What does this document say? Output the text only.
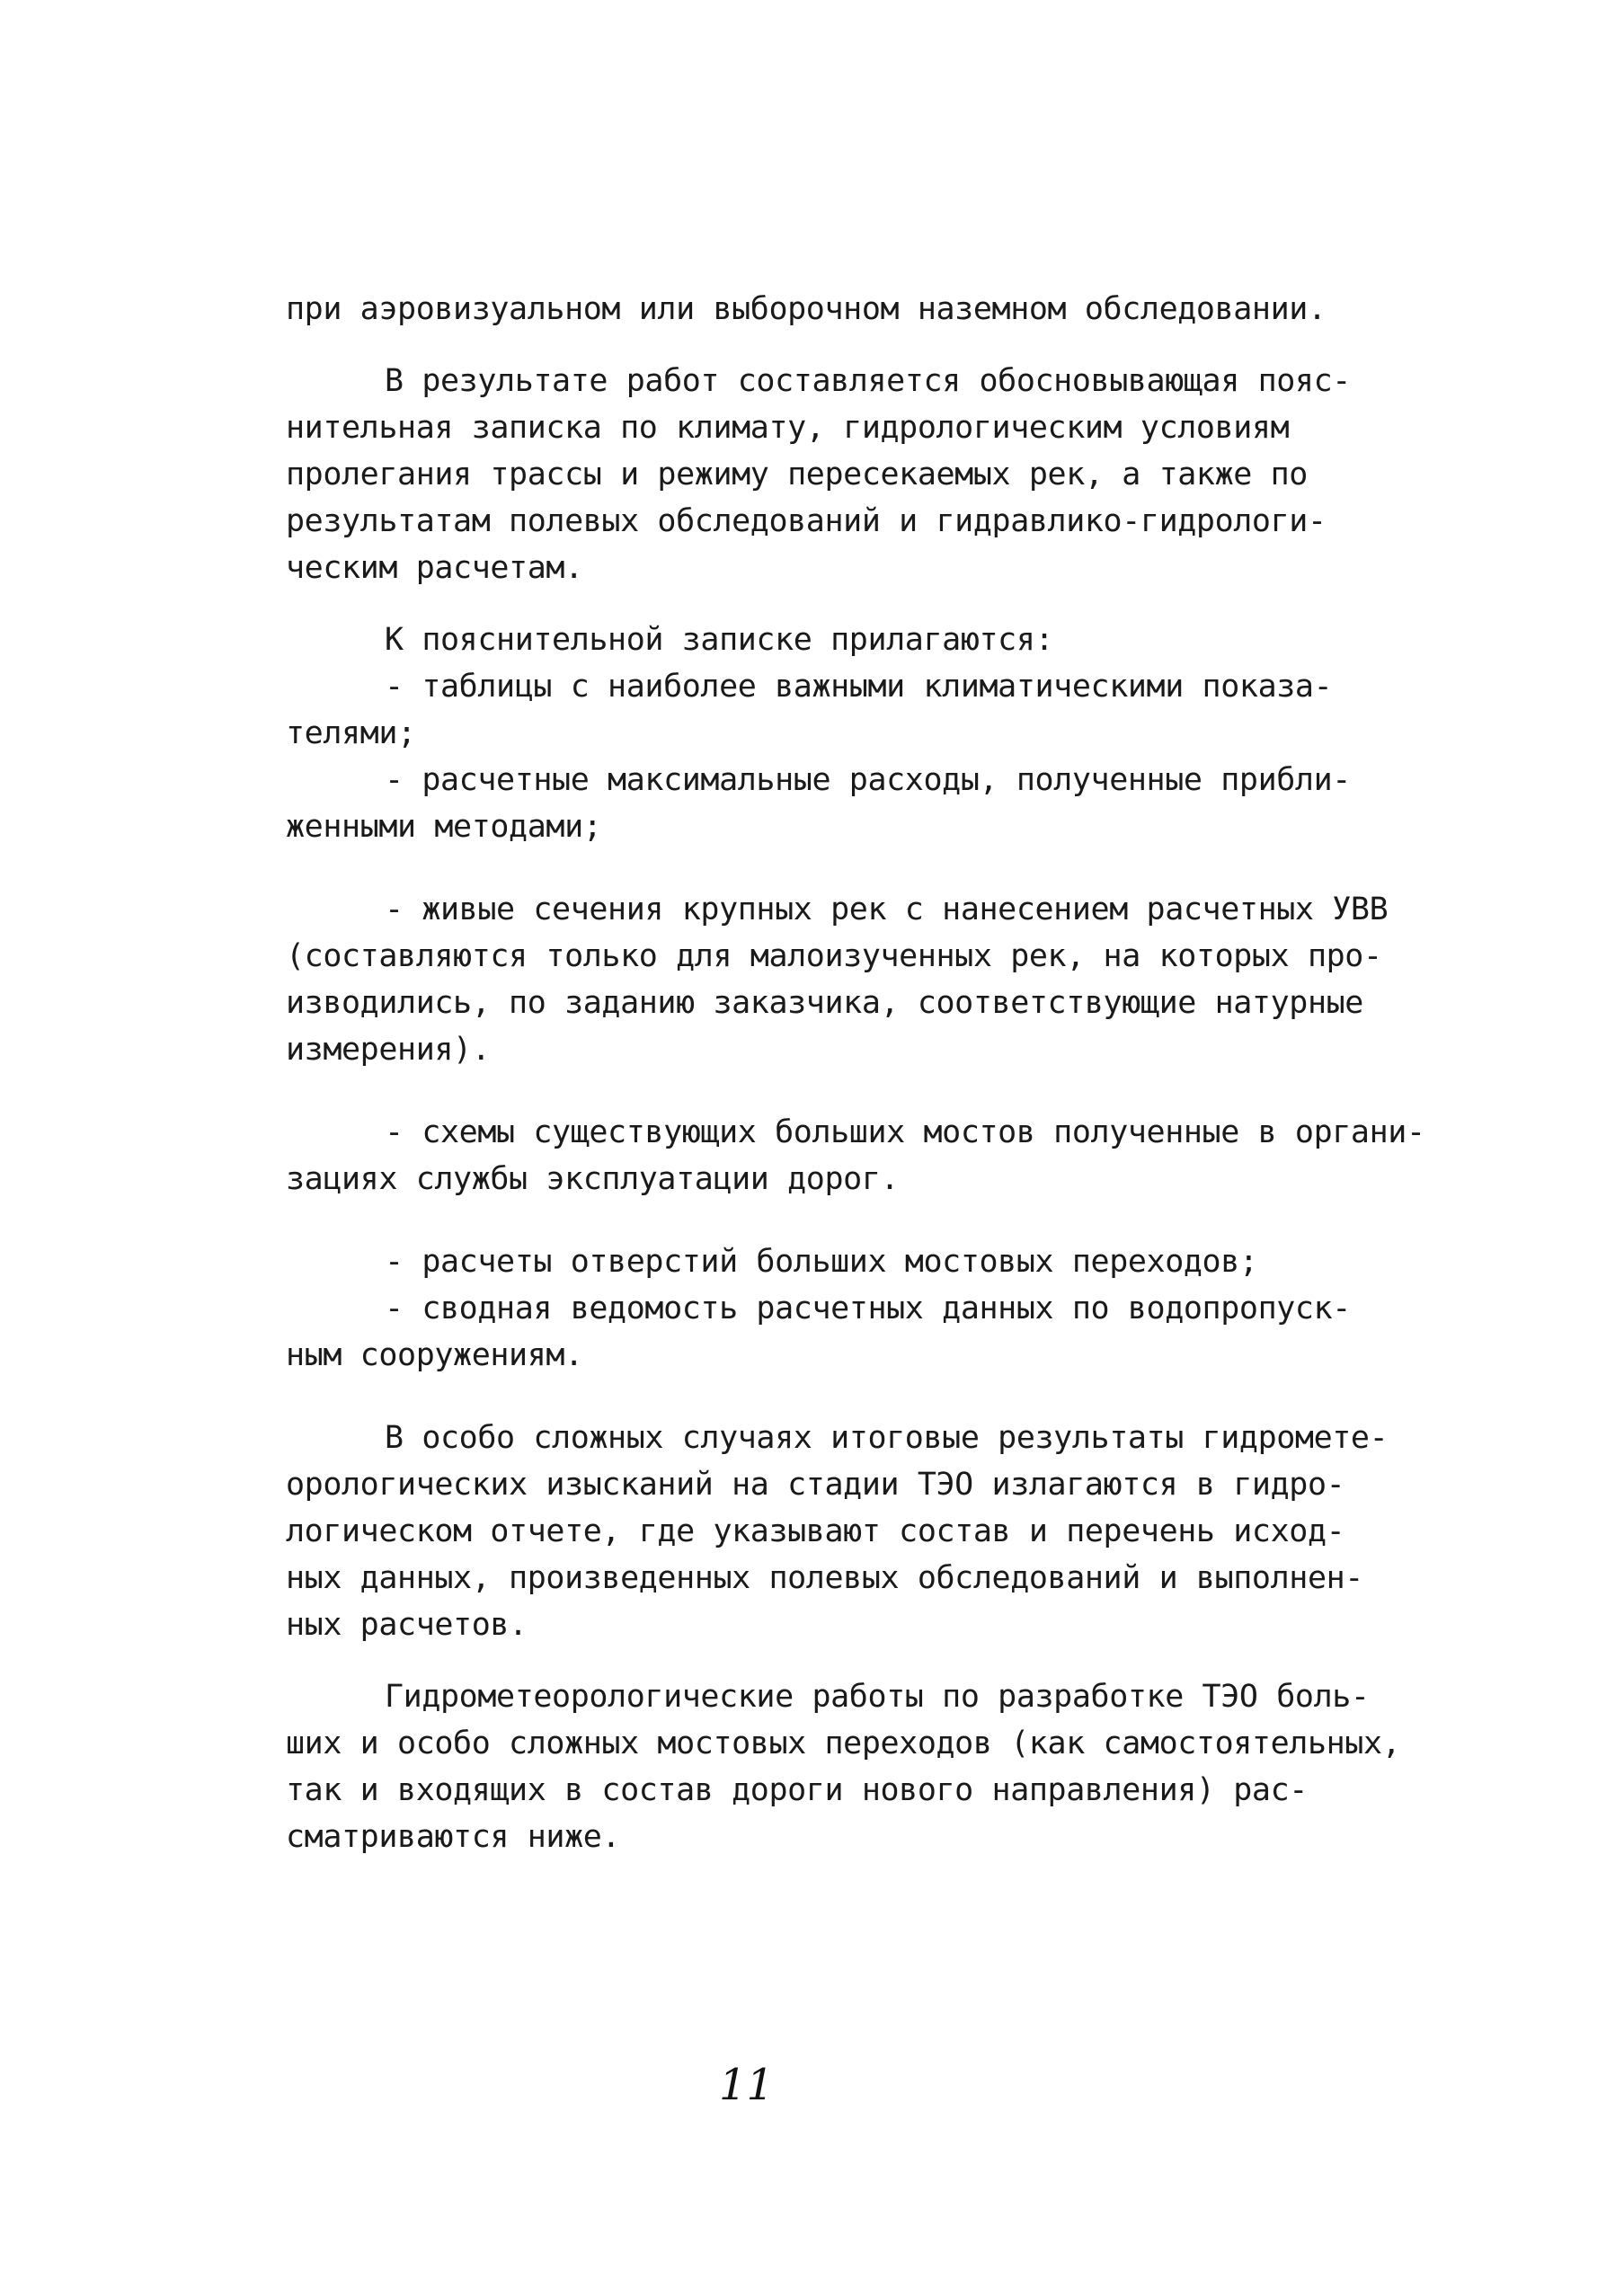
при аэровизуальном или выборочном наземном обследовании.
В результате работ составляется обосновывающая пояс-
нительная записка по климату, гидрологическим условиям
пролегания трассы и режиму пересекаемых рек, а также по
результатам полевых обследований и гидравлико-гидрологи-
ческим расчетам.
К пояснительной записке прилагаются:
- таблицы с наиболее важными климатическими показа-
телями;
- расчетные максимальные расходы, полученные прибли-
женными методами;
- живые сечения крупных рек с нанесением расчетных УВВ
(составляются только для малоизученных рек, на которых про-
изводились, по заданию заказчика, соответствующие натурные
измерения).
- схемы существующих больших мостов полученные в органи-
зациях службы эксплуатации дорог.
- расчеты отверстий больших мостовых переходов;
- сводная ведомость расчетных данных по водопропуск-
ным сооружениям.
В особо сложных случаях итоговые результаты гидромете-
орологических изысканий на стадии ТЭО излагаются в гидро-
логическом отчете, где указывают состав и перечень исход-
ных данных, произведенных полевых обследований и выполнен-
ных расчетов.
Гидрометеорологические работы по разработке ТЭО боль-
ших и особо сложных мостовых переходов (как самостоятельных,
так и входящих в состав дороги нового направления) рас-
сматриваются ниже.
11
